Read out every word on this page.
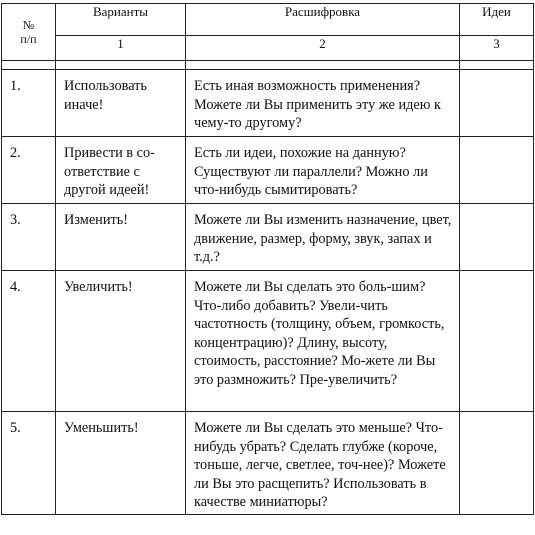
№
п/п	Варианты	Расшифровка	Идеи
	1	2	3

1.	Использовать иначе!	Есть иная возможность применения? Можете ли Вы применить эту же идею к чему-то другому?	
2.	Привести в со-ответствие с другой идеей!	Есть ли идеи, похожие на данную? Существуют ли параллели? Можно ли что-нибудь сымитировать?	
3.	Изменить!	Можете ли Вы изменить назначение, цвет, движение, размер, форму, звук, запах и т.д.?	
4.	Увеличить!	Можете ли Вы сделать это боль-шим? Что-либо добавить? Увели-чить частотность (толщину, объем, громкость, концентрацию)? Длину, высоту, стоимость, расстояние? Мо-жете ли Вы это размножить? Пре-увеличить?	
5.	Уменьшить!	Можете ли Вы сделать это меньше? Что-нибудь убрать? Сделать глубже (короче, тоньше, легче, светлее, точ-нее)? Можете ли Вы это расщепить? Использовать в качестве миниатюры?	
